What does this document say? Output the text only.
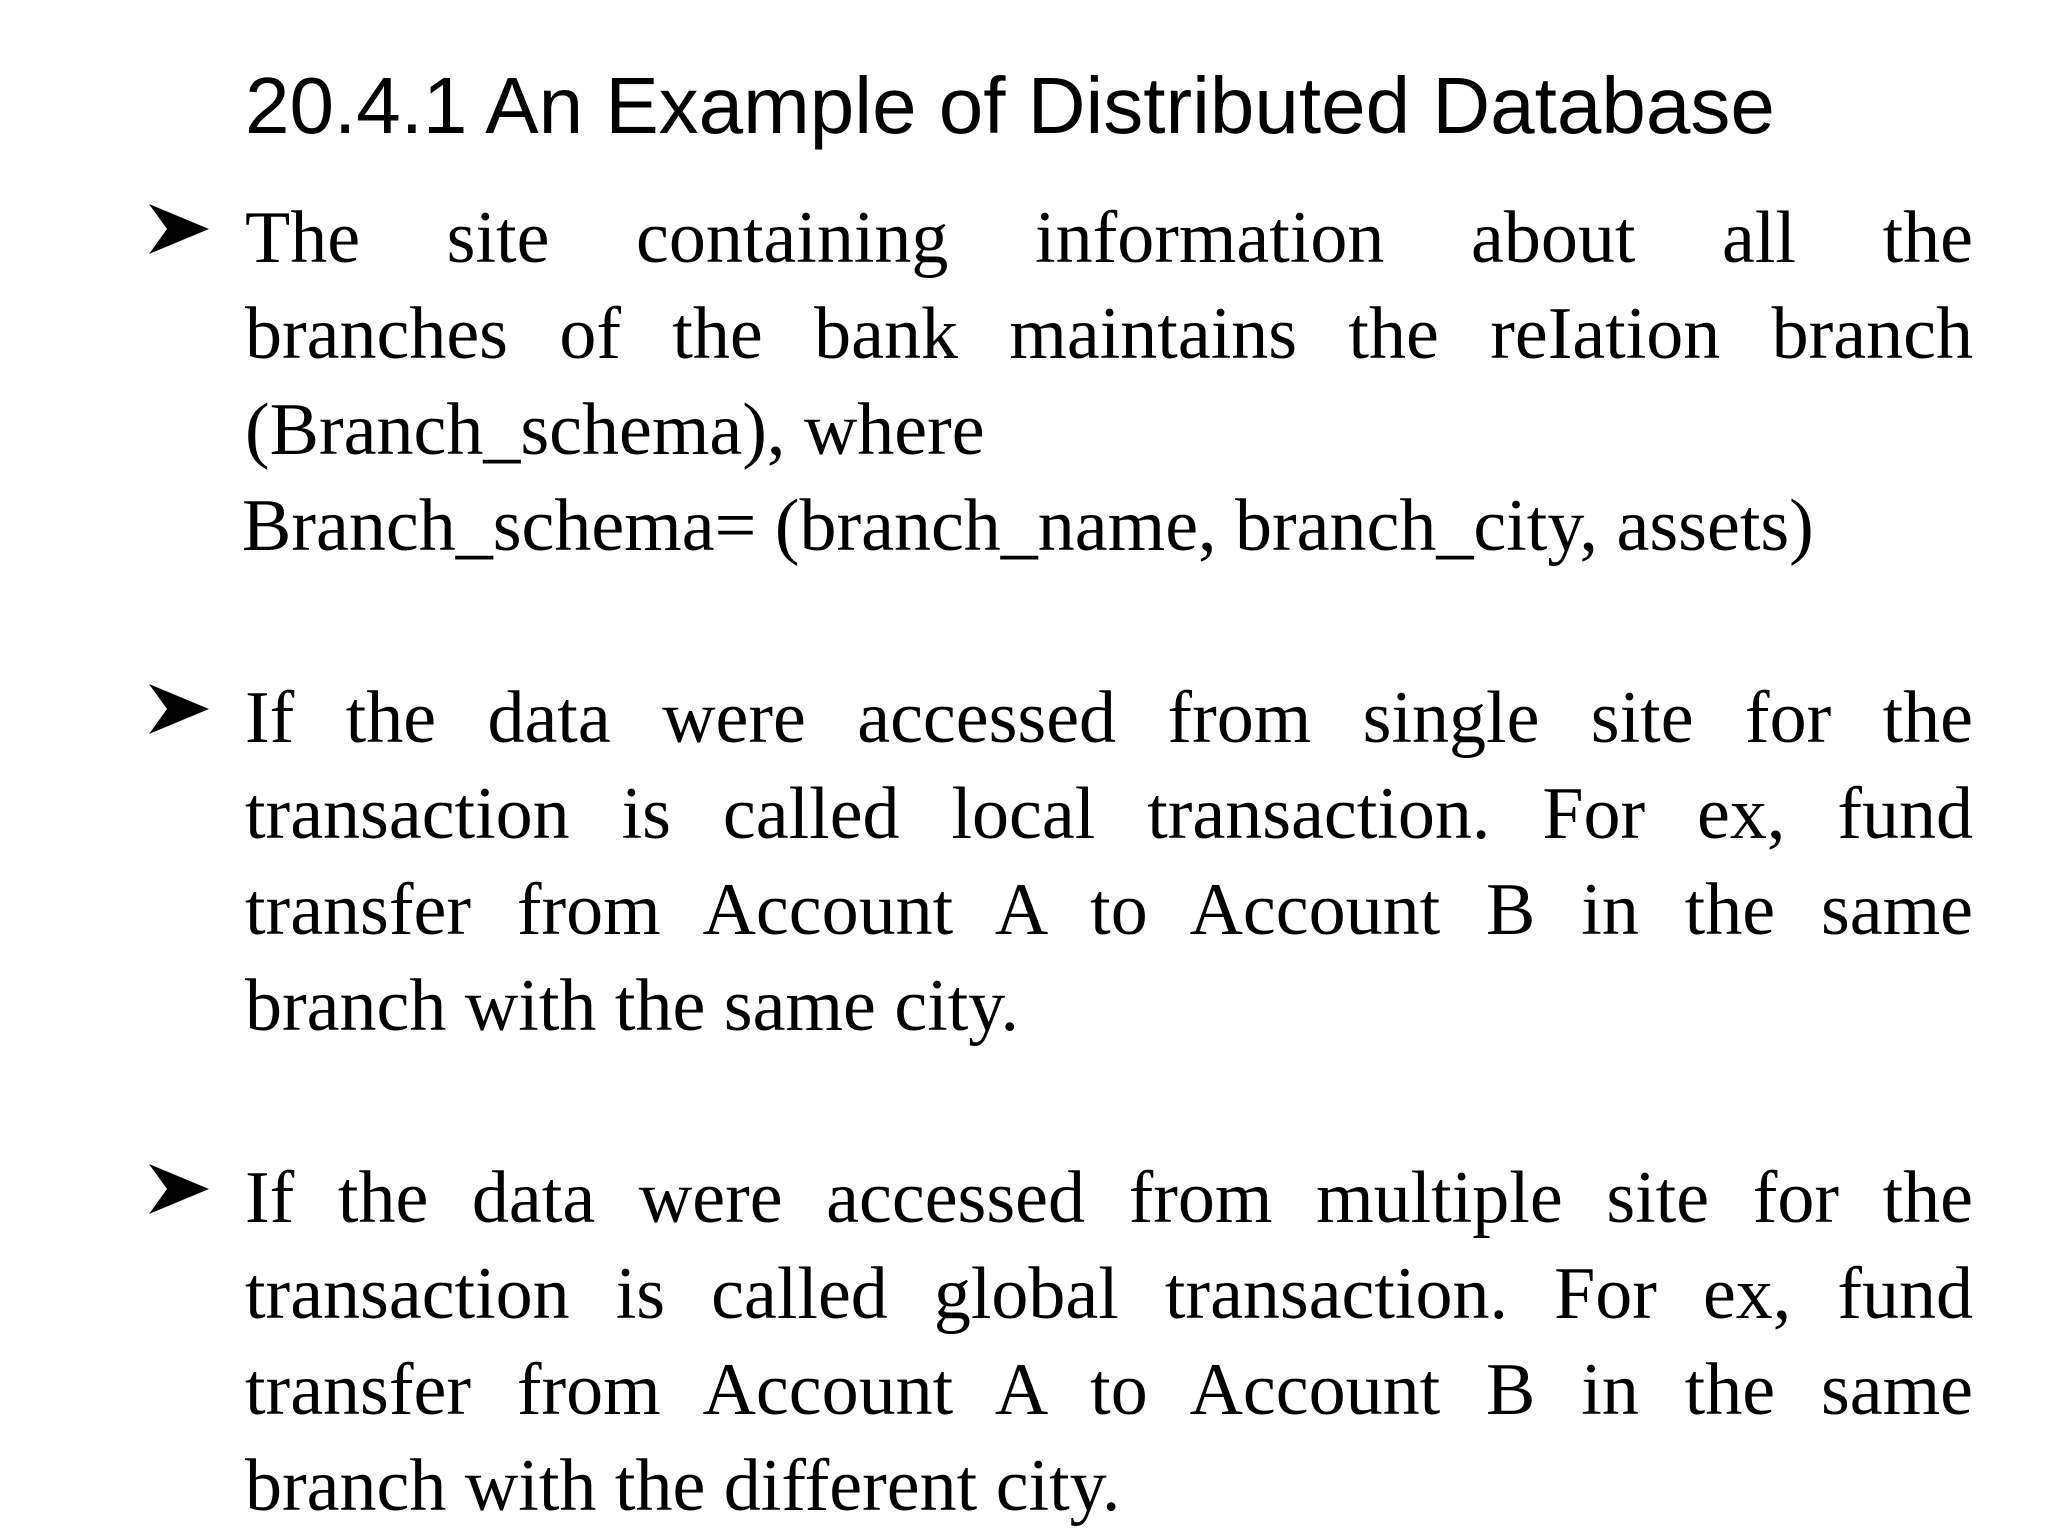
20.4.1 An Example of Distributed Database
The site containing information about all the
branches of the bank maintains the reIation branch
(Branch_schema), where
Branch_schema= (branch_name, branch_city, assets)
If the data were accessed from single site for the
transaction is called local transaction. For ex, fund
transfer from Account A to Account B in the same
branch with the same city.
If the data were accessed from multiple site for the
transaction is called global transaction. For ex, fund
transfer from Account A to Account B in the same
branch with the different city.
